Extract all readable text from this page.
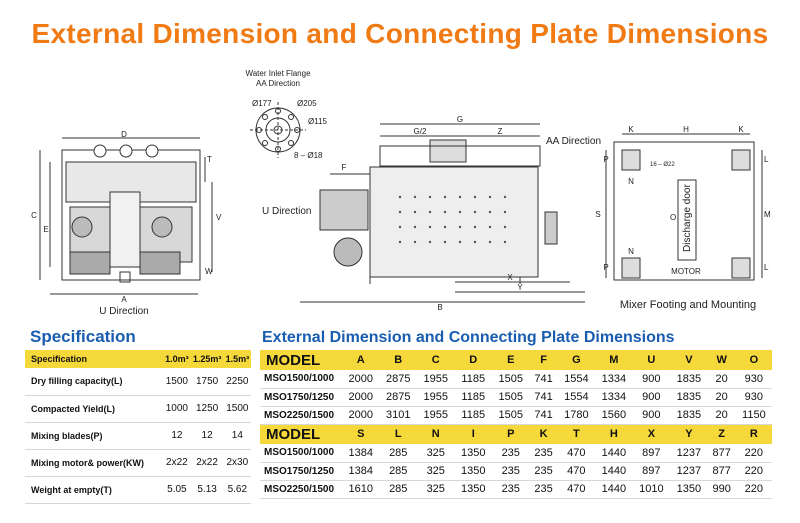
External Dimension and Connecting Plate Dimensions
D
T
C
E
V
W
A
U Direction
Water Inlet Flange
AA Direction
Ø177	Ø205
Ø115
8 – Ø18
G
G/2	Z
F
X
Y
B
AA Direction
U Direction
K	H	K
P	L
S	M
N
N
P	L
16 – Ø22
O Discharge door
MOTOR
Mixer Footing and Mounting
Specification	External Dimension and Connecting Plate Dimensions
Specification	1.0m³	1.25m³	1.5m³
Dry filling capacity(L)	1500	1750	2250
Compacted Yield(L)	1000	1250	1500
Mixing blades(P)	12	12	14
Mixing motor& power(KW)	2x22	2x22	2x30
Weight at empty(T)	5.05	5.13	5.62
MODEL	A	B	C	D	E	F	G	M	U	V	W	O
MSO1500/1000	2000	2875	1955	1185	1505	741	1554	1334	900	1835	20	930
MSO1750/1250	2000	2875	1955	1185	1505	741	1554	1334	900	1835	20	930
MSO2250/1500	2000	3101	1955	1185	1505	741	1780	1560	900	1835	20	1150
MODEL	S	L	N	I	P	K	T	H	X	Y	Z	R
MSO1500/1000	1384	285	325	1350	235	235	470	1440	897	1237	877	220
MSO1750/1250	1384	285	325	1350	235	235	470	1440	897	1237	877	220
MSO2250/1500	1610	285	325	1350	235	235	470	1440	1010	1350	990	220
